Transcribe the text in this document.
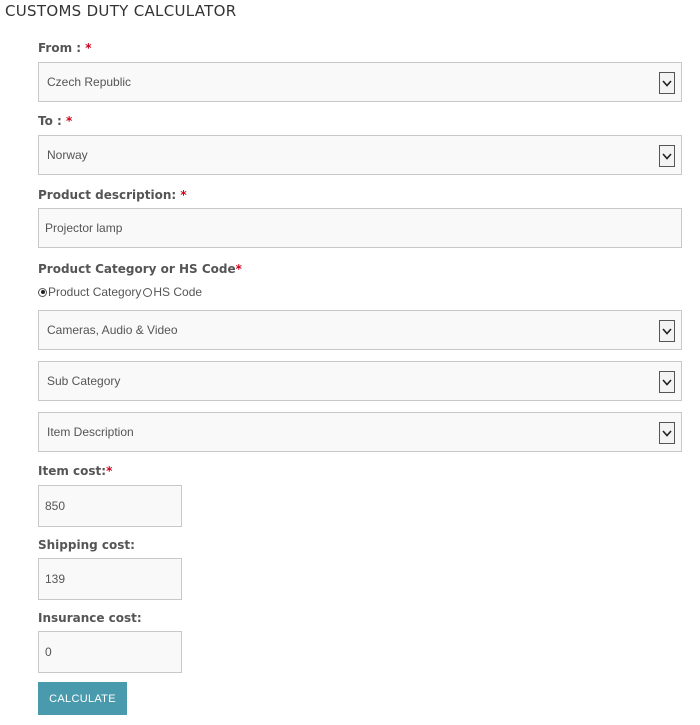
CUSTOMS DUTY CALCULATOR
From : *
Czech Republic
To : *
Norway
Product description: *
Projector lamp
Product Category or HS Code*
Product Category HS Code
Cameras, Audio & Video
Sub Category
Item Description
Item cost:*
850
Shipping cost:
139
Insurance cost:
0
CALCULATE
